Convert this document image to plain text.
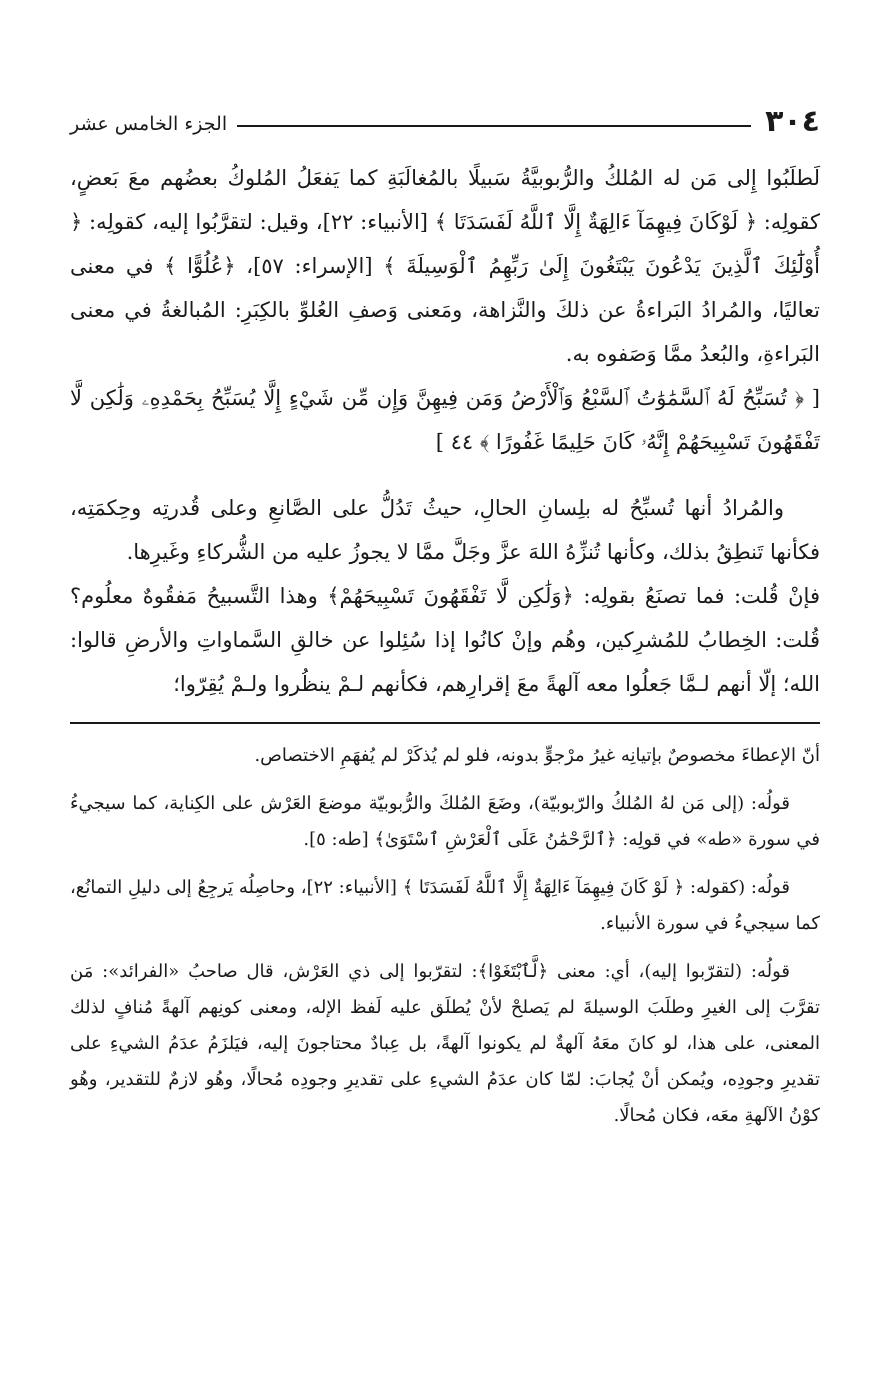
٣٠٤
الجزء الخامس عشر

لَطلَبُوا إِلى مَن له المُلكُ والرُّبوبيَّةُ سَبيلًا بالمُغالَبَةِ كما يَفعَلُ المُلوكُ بعضُهم معَ بَعضٍ، كقولِه: ﴿ لَوْكَانَ فِيهِمَآ ءَالِهَةٌ إِلَّا ٱللَّهُ لَفَسَدَتَا ﴾ [الأنبياء: ٢٢]، وقيل: لتقرَّبُوا إليه، كقولِه: ﴿ أُوْلَٰٓئِكَ ٱلَّذِينَ يَدْعُونَ يَبْتَغُونَ إِلَىٰ رَبِّهِمُ ٱلْوَسِيلَةَ ﴾ [الإسراء: ٥٧]، ﴿عُلُوًّا ﴾ في معنى تعاليًا، والمُرادُ البَراءةُ عن ذلكَ والنَّزاهة، ومَعنى وَصفِ العُلوِّ بالكِبَرِ: المُبالغةُ في معنى البَراءةِ، والبُعدُ ممَّا وَصَفوه به.

[ ﴿ تُسَبِّحُ لَهُ ٱلسَّمَٰوَٰتُ ٱلسَّبْعُ وَٱلْأَرْضُ وَمَن فِيهِنَّ وَإِن مِّن شَيْءٍ إِلَّا يُسَبِّحُ بِحَمْدِهِۦ وَلَٰكِن لَّا تَفْقَهُونَ تَسْبِيحَهُمْ إِنَّهُۥ كَانَ حَلِيمًا غَفُورًا ﴾ ٤٤ ]

والمُرادُ أنها تُسبِّحُ له بلِسانِ الحالِ، حيثُ تَدُلُّ على الصَّانعِ وعلى قُدرتِه وحِكمَتِه، فكأنها تَنطِقُ بذلك، وكأنها تُنزِّهُ اللهَ عزَّ وجَلَّ ممَّا لا يجوزُ عليه من الشُّركاءِ وغَيرِها.

فإنْ قُلت: فما تصنَعُ بقولِه: ﴿وَلَٰكِن لَّا تَفْقَهُونَ تَسْبِيحَهُمْ﴾ وهذا التَّسبيحُ مَفقُوهٌ معلُوم؟ قُلت: الخِطابُ للمُشرِكين، وهُم وإنْ كانُوا إذا سُئِلوا عن خالقِ السَّماواتِ والأرضِ قالوا: الله؛ إلّا أنهم لـمَّا جَعلُوا معه آلهةً معَ إقرارِهم، فكأنهم لـمْ ينظُروا ولـمْ يُقِرّوا؛

أنّ الإعطاءَ مخصوصٌ بإتيانِه غيرُ مرْجوٍّ بدونه، فلو لم يُذكَرْ لم يُفهَمِ الاختصاص.

قولُه: (إلى مَن لهُ المُلكُ والرّبوبيّة)، وضَعَ المُلكَ والرُّبوبيّة موضعَ العَرْش على الكِناية، كما سيجيءُ في سورة «طه» في قولِه: ﴿ٱلرَّحْمَٰنُ عَلَى ٱلْعَرْشِ ٱسْتَوَىٰ﴾ [طه: ٥].

قولُه: (كقوله: ﴿ لَوْ كَانَ فِيهِمَآ ءَالِهَةٌ إِلَّا ٱللَّهُ لَفَسَدَتَا ﴾ [الأنبياء: ٢٢]، وحاصِلُه يَرجِعُ إلى دليلِ التمانُع، كما سيجيءُ في سورة الأنبياء.

قولُه: (لتقرّبوا إليه)، أي: معنى ﴿لَّٱبْتَغَوْا﴾: لتقرّبوا إلى ذي العَرْش، قال صاحبُ «الفرائد»: مَن تقرَّبَ إلى الغيرِ وطلَبَ الوسيلةَ لم يَصلحْ لأنْ يُطلَق عليه لَفظ الإله، ومعنى كونِهم آلهةً مُنافٍ لذلك المعنى، على هذا، لو كانَ معَهُ آلهةٌ لم يكونوا آلهةً، بل عِبادٌ محتاجونَ إليه، فيَلزَمُ عدَمُ الشيءِ على تقديرِ وجودِه، ويُمكن أنْ يُجابَ: لمّا كان عدَمُ الشيءِ على تقديرِ وجودِه مُحالًا، وهُو لازمٌ للتقدير، وهُو كوْنُ الآلهةِ معَه، فكان مُحالًا.
